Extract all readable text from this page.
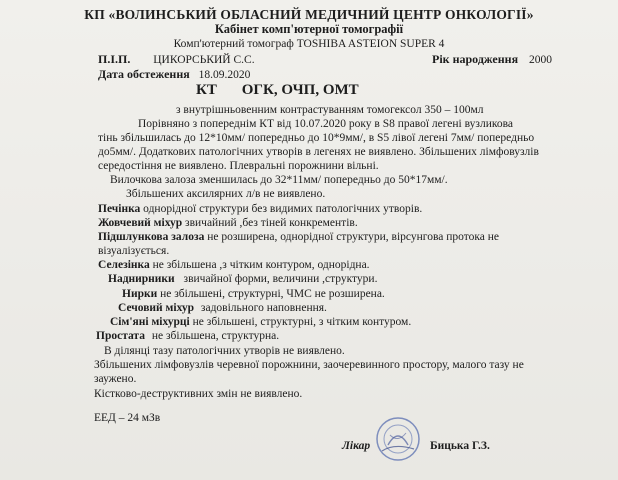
КП «ВОЛИНСЬКИЙ ОБЛАСНИЙ МЕДИЧНИЙ ЦЕНТР ОНКОЛОГІЇ»
Кабінет комп'ютерної томографії
Комп'ютерний томограф TOSHIBA ASTEION SUPER 4
П.І.П. ЦИКОРСЬКИЙ С.С.	Рік народження 2000
Дата обстеження 18.09.2020
КТ ОГК, ОЧП, ОМТ
з внутрішньовенним контрастуванням томогексол 350 – 100мл
Порівняно з попереднім КТ від 10.07.2020 року в S8 правої легені вузликова
тінь збільшилась до 12*10мм/ попередньо до 10*9мм/, в S5 лівої легені 7мм/ попередньо
до5мм/. Додаткових патологічних утворів в легенях не виявлено. Збільшених лімфовузлів
середостіння не виявлено. Плевральні порожнини вільні.
Вилочкова залоза зменшилась до 32*11мм/ попередньо до 50*17мм/.
Збільшених аксилярних л/в не виявлено.
Печінка однорідної структури без видимих патологічних утворів.
Жовчевий міхур звичайний ,без тіней конкрементів.
Підшлункова залоза не розширена, однорідної структури, вірсунгова протока не
візуалізується.
Селезінка не збільшена ,з чітким контуром, однорідна.
Наднирники звичайної форми, величини ,структури.
Нирки не збільшені, структурні, ЧМС не розширена.
Сечовий міхур задовільного наповнення.
Сім'яні міхурці не збільшені, структурні, з чітким контуром.
Простата не збільшена, структурна.
В ділянці тазу патологічних утворів не виявлено.
Збільшених лімфовузлів черевної порожнини, заочеревинного простору, малого тазу не
заужено.
Кістково-деструктивних змін не виявлено.
ЕЕД – 24 мЗв
Лікар	Бицька Г.З.
